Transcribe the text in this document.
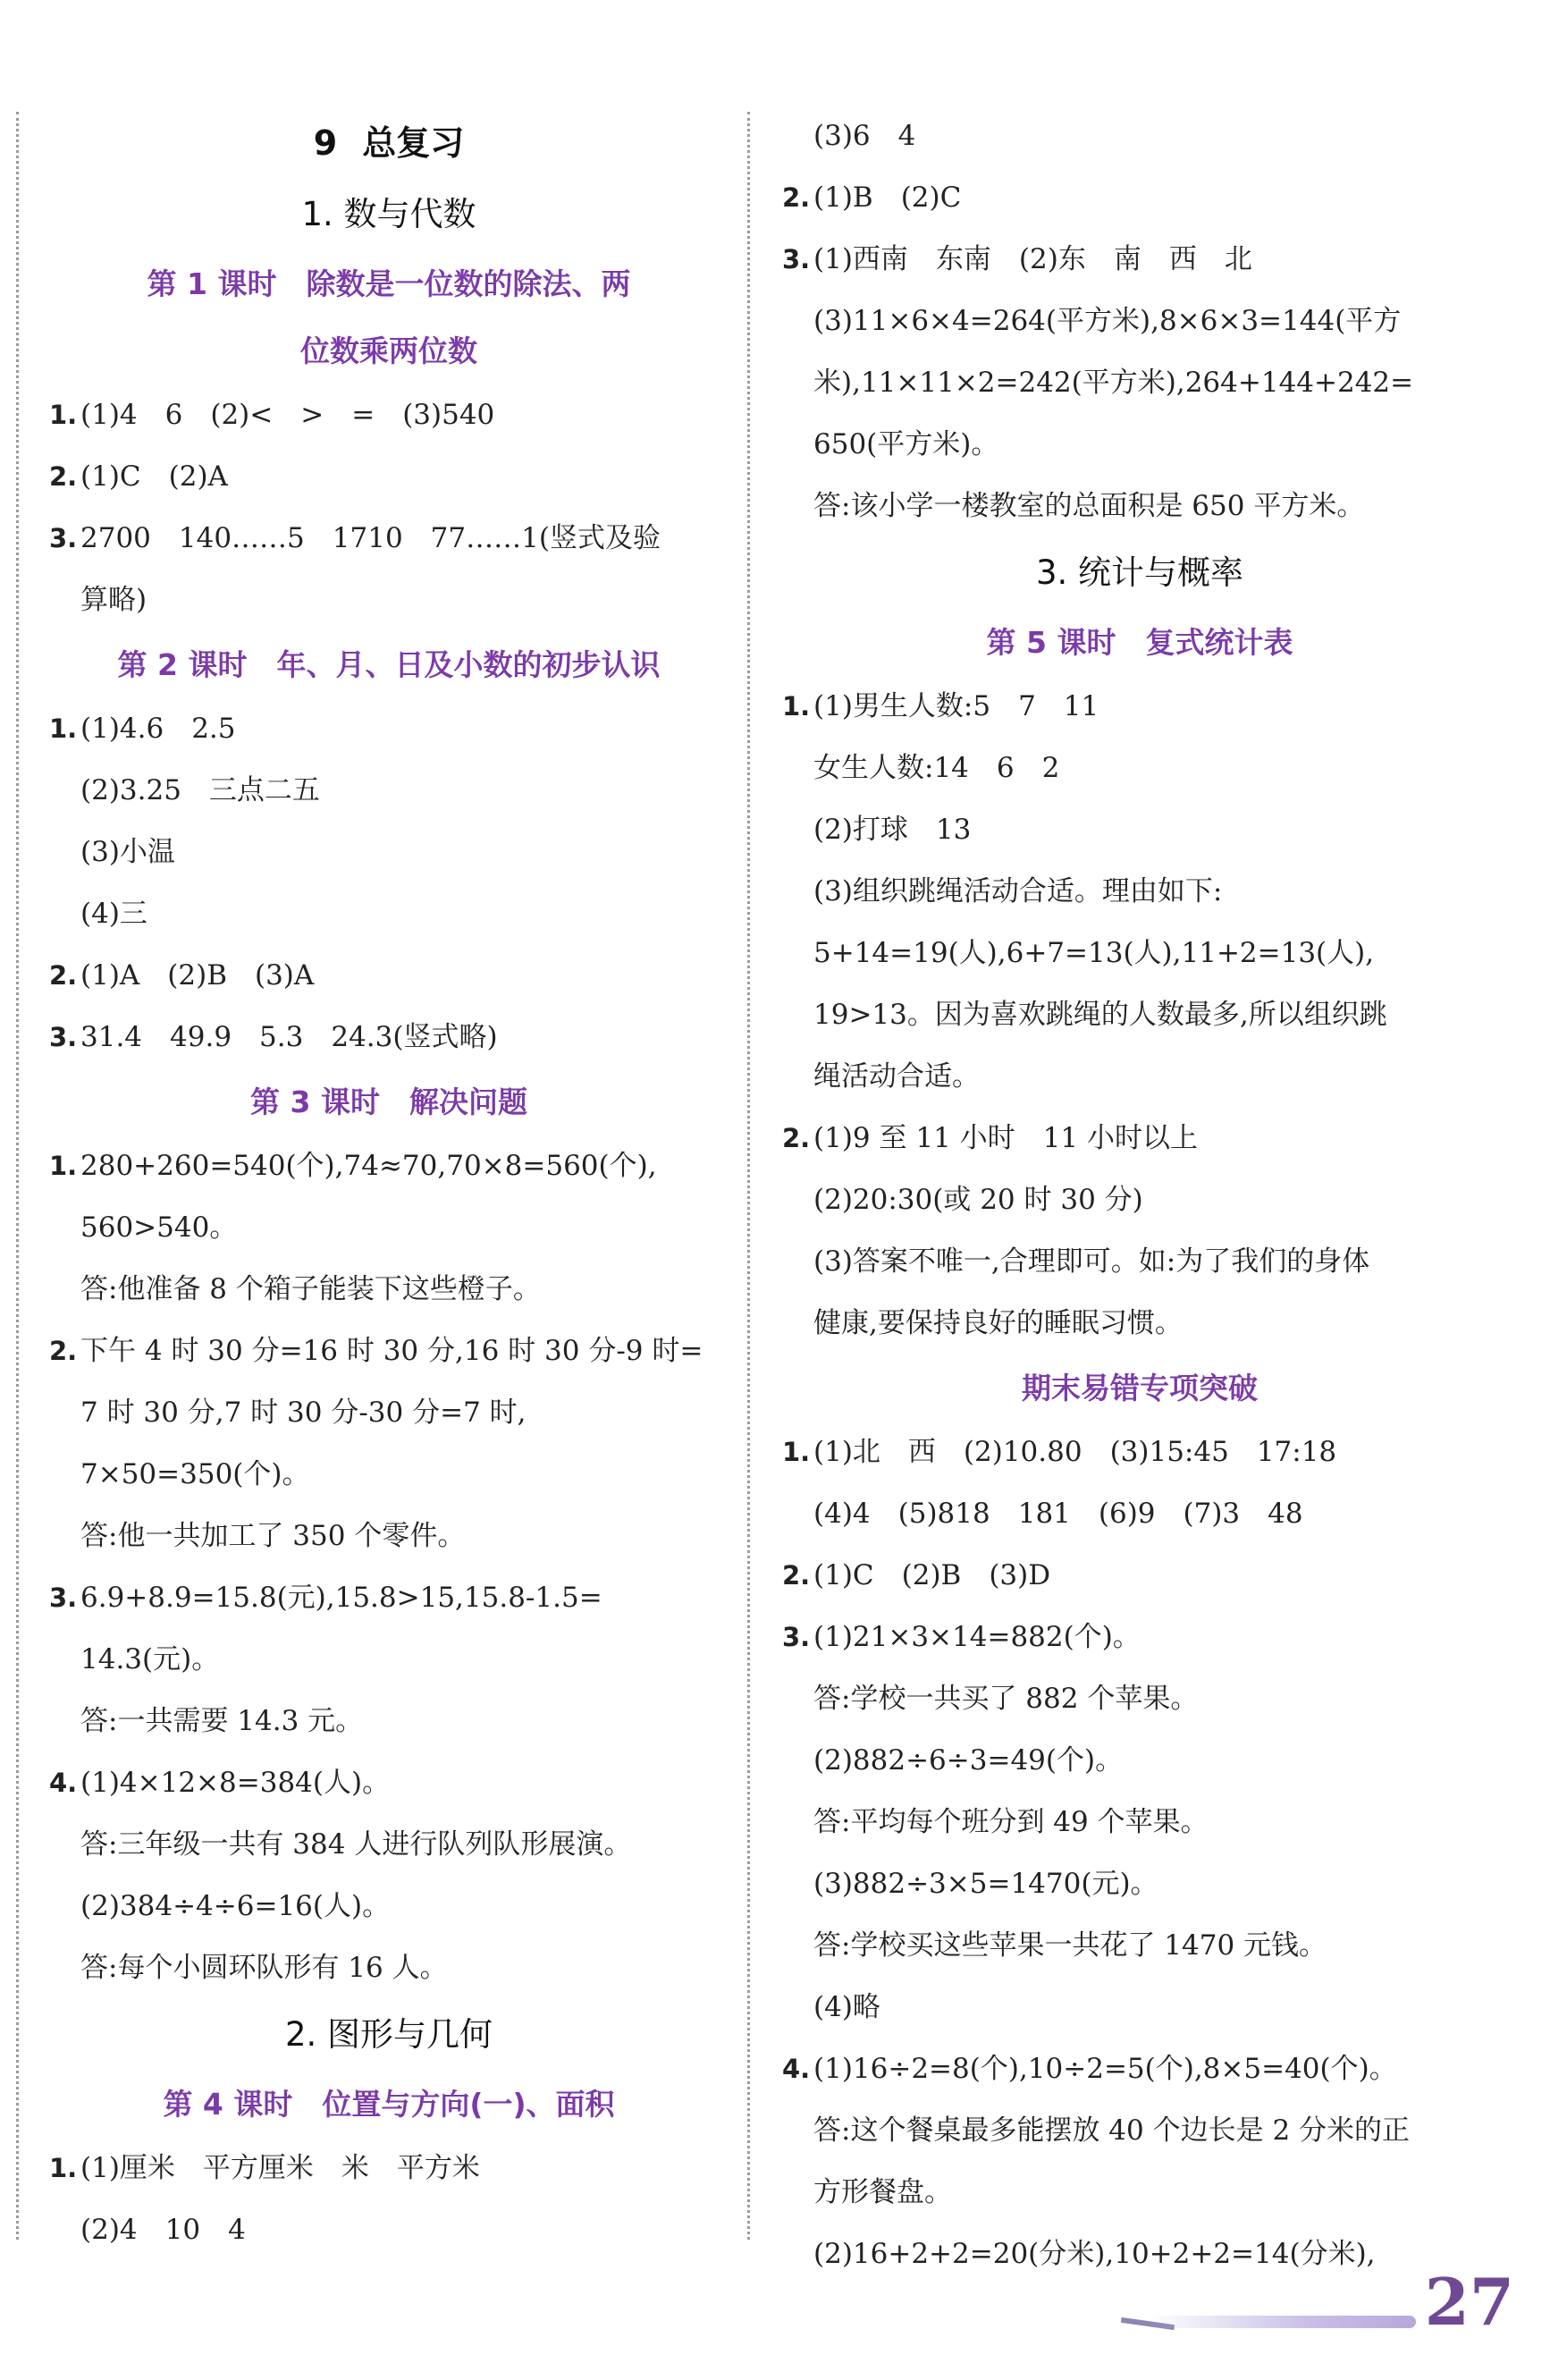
9 总复习
1. 数与代数
第 1 课时　除数是一位数的除法、两
位数乘两位数
1. (1)4　6　(2)<　>　=　(3)540
2. (1)C　(2)A
3. 2700　140……5　1710　77……1(竖式及验
算略)
第 2 课时　年、月、日及小数的初步认识
1. (1)4.6　2.5
(2)3.25　三点二五
(3)小温
(4)三
2. (1)A　(2)B　(3)A
3. 31.4　49.9　5.3　24.3(竖式略)
第 3 课时　解决问题
1. 280+260=540(个),74≈70,70×8=560(个),
560>540。
答:他准备 8 个箱子能装下这些橙子。
2. 下午 4 时 30 分=16 时 30 分,16 时 30 分-9 时=
7 时 30 分,7 时 30 分-30 分=7 时,
7×50=350(个)。
答:他一共加工了 350 个零件。
3. 6.9+8.9=15.8(元),15.8>15,15.8-1.5=
14.3(元)。
答:一共需要 14.3 元。
4. (1)4×12×8=384(人)。
答:三年级一共有 384 人进行队列队形展演。
(2)384÷4÷6=16(人)。
答:每个小圆环队形有 16 人。
2. 图形与几何
第 4 课时　位置与方向(一)、面积
1. (1)厘米　平方厘米　米　平方米
(2)4　10　4
(3)6　4
2. (1)B　(2)C
3. (1)西南　东南　(2)东　南　西　北
(3)11×6×4=264(平方米),8×6×3=144(平方
米),11×11×2=242(平方米),264+144+242=
650(平方米)。
答:该小学一楼教室的总面积是 650 平方米。
3. 统计与概率
第 5 课时　复式统计表
1. (1)男生人数:5　7　11
女生人数:14　6　2
(2)打球　13
(3)组织跳绳活动合适。理由如下:
5+14=19(人),6+7=13(人),11+2=13(人),
19>13。因为喜欢跳绳的人数最多,所以组织跳
绳活动合适。
2. (1)9 至 11 小时　11 小时以上
(2)20:30(或 20 时 30 分)
(3)答案不唯一,合理即可。如:为了我们的身体
健康,要保持良好的睡眠习惯。
期末易错专项突破
1. (1)北　西　(2)10.80　(3)15:45　17:18
(4)4　(5)818　181　(6)9　(7)3　48
2. (1)C　(2)B　(3)D
3. (1)21×3×14=882(个)。
答:学校一共买了 882 个苹果。
(2)882÷6÷3=49(个)。
答:平均每个班分到 49 个苹果。
(3)882÷3×5=1470(元)。
答:学校买这些苹果一共花了 1470 元钱。
(4)略
4. (1)16÷2=8(个),10÷2=5(个),8×5=40(个)。
答:这个餐桌最多能摆放 40 个边长是 2 分米的正
方形餐盘。
(2)16+2+2=20(分米),10+2+2=14(分米),
27
